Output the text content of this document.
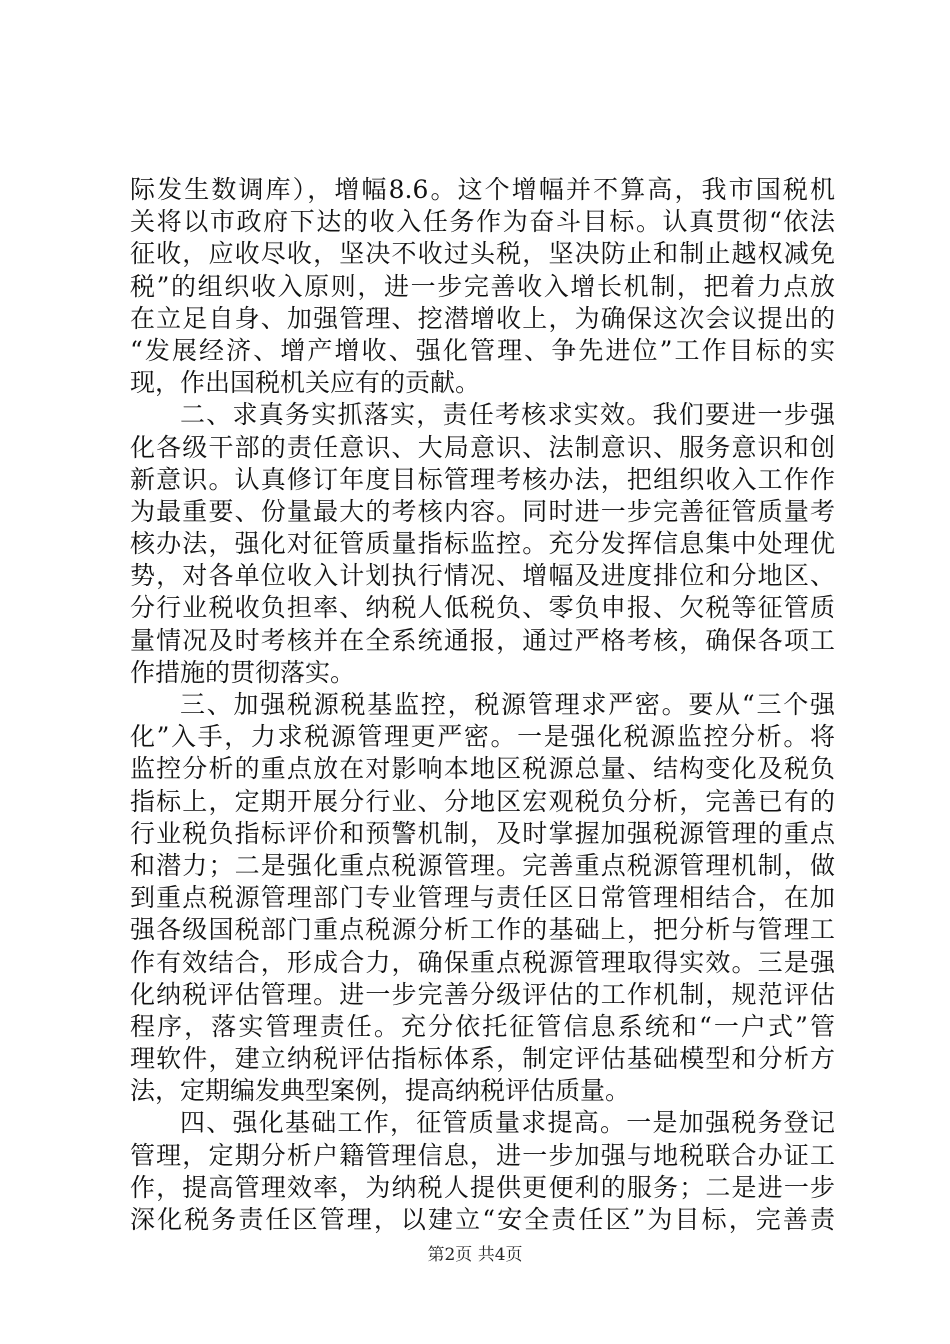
际发生数调库），增幅8.6。这个增幅并不算高，我市国税机
关将以市政府下达的收入任务作为奋斗目标。认真贯彻“依法
征收，应收尽收，坚决不收过头税，坚决防止和制止越权减免
税”的组织收入原则，进一步完善收入增长机制，把着力点放
在立足自身、加强管理、挖潜增收上，为确保这次会议提出的
“发展经济、增产增收、强化管理、争先进位”工作目标的实
现，作出国税机关应有的贡献。
二、求真务实抓落实，责任考核求实效。我们要进一步强
化各级干部的责任意识、大局意识、法制意识、服务意识和创
新意识。认真修订年度目标管理考核办法，把组织收入工作作
为最重要、份量最大的考核内容。同时进一步完善征管质量考
核办法，强化对征管质量指标监控。充分发挥信息集中处理优
势，对各单位收入计划执行情况、增幅及进度排位和分地区、
分行业税收负担率、纳税人低税负、零负申报、欠税等征管质
量情况及时考核并在全系统通报，通过严格考核，确保各项工
作措施的贯彻落实。
三、加强税源税基监控，税源管理求严密。要从“三个强
化”入手，力求税源管理更严密。一是强化税源监控分析。将
监控分析的重点放在对影响本地区税源总量、结构变化及税负
指标上，定期开展分行业、分地区宏观税负分析，完善已有的
行业税负指标评价和预警机制，及时掌握加强税源管理的重点
和潜力；二是强化重点税源管理。完善重点税源管理机制，做
到重点税源管理部门专业管理与责任区日常管理相结合，在加
强各级国税部门重点税源分析工作的基础上，把分析与管理工
作有效结合，形成合力，确保重点税源管理取得实效。三是强
化纳税评估管理。进一步完善分级评估的工作机制，规范评估
程序，落实管理责任。充分依托征管信息系统和“一户式”管
理软件，建立纳税评估指标体系，制定评估基础模型和分析方
法，定期编发典型案例，提高纳税评估质量。
四、强化基础工作，征管质量求提高。一是加强税务登记
管理，定期分析户籍管理信息，进一步加强与地税联合办证工
作，提高管理效率，为纳税人提供更便利的服务；二是进一步
深化税务责任区管理，以建立“安全责任区”为目标，完善责
第2页 共4页
